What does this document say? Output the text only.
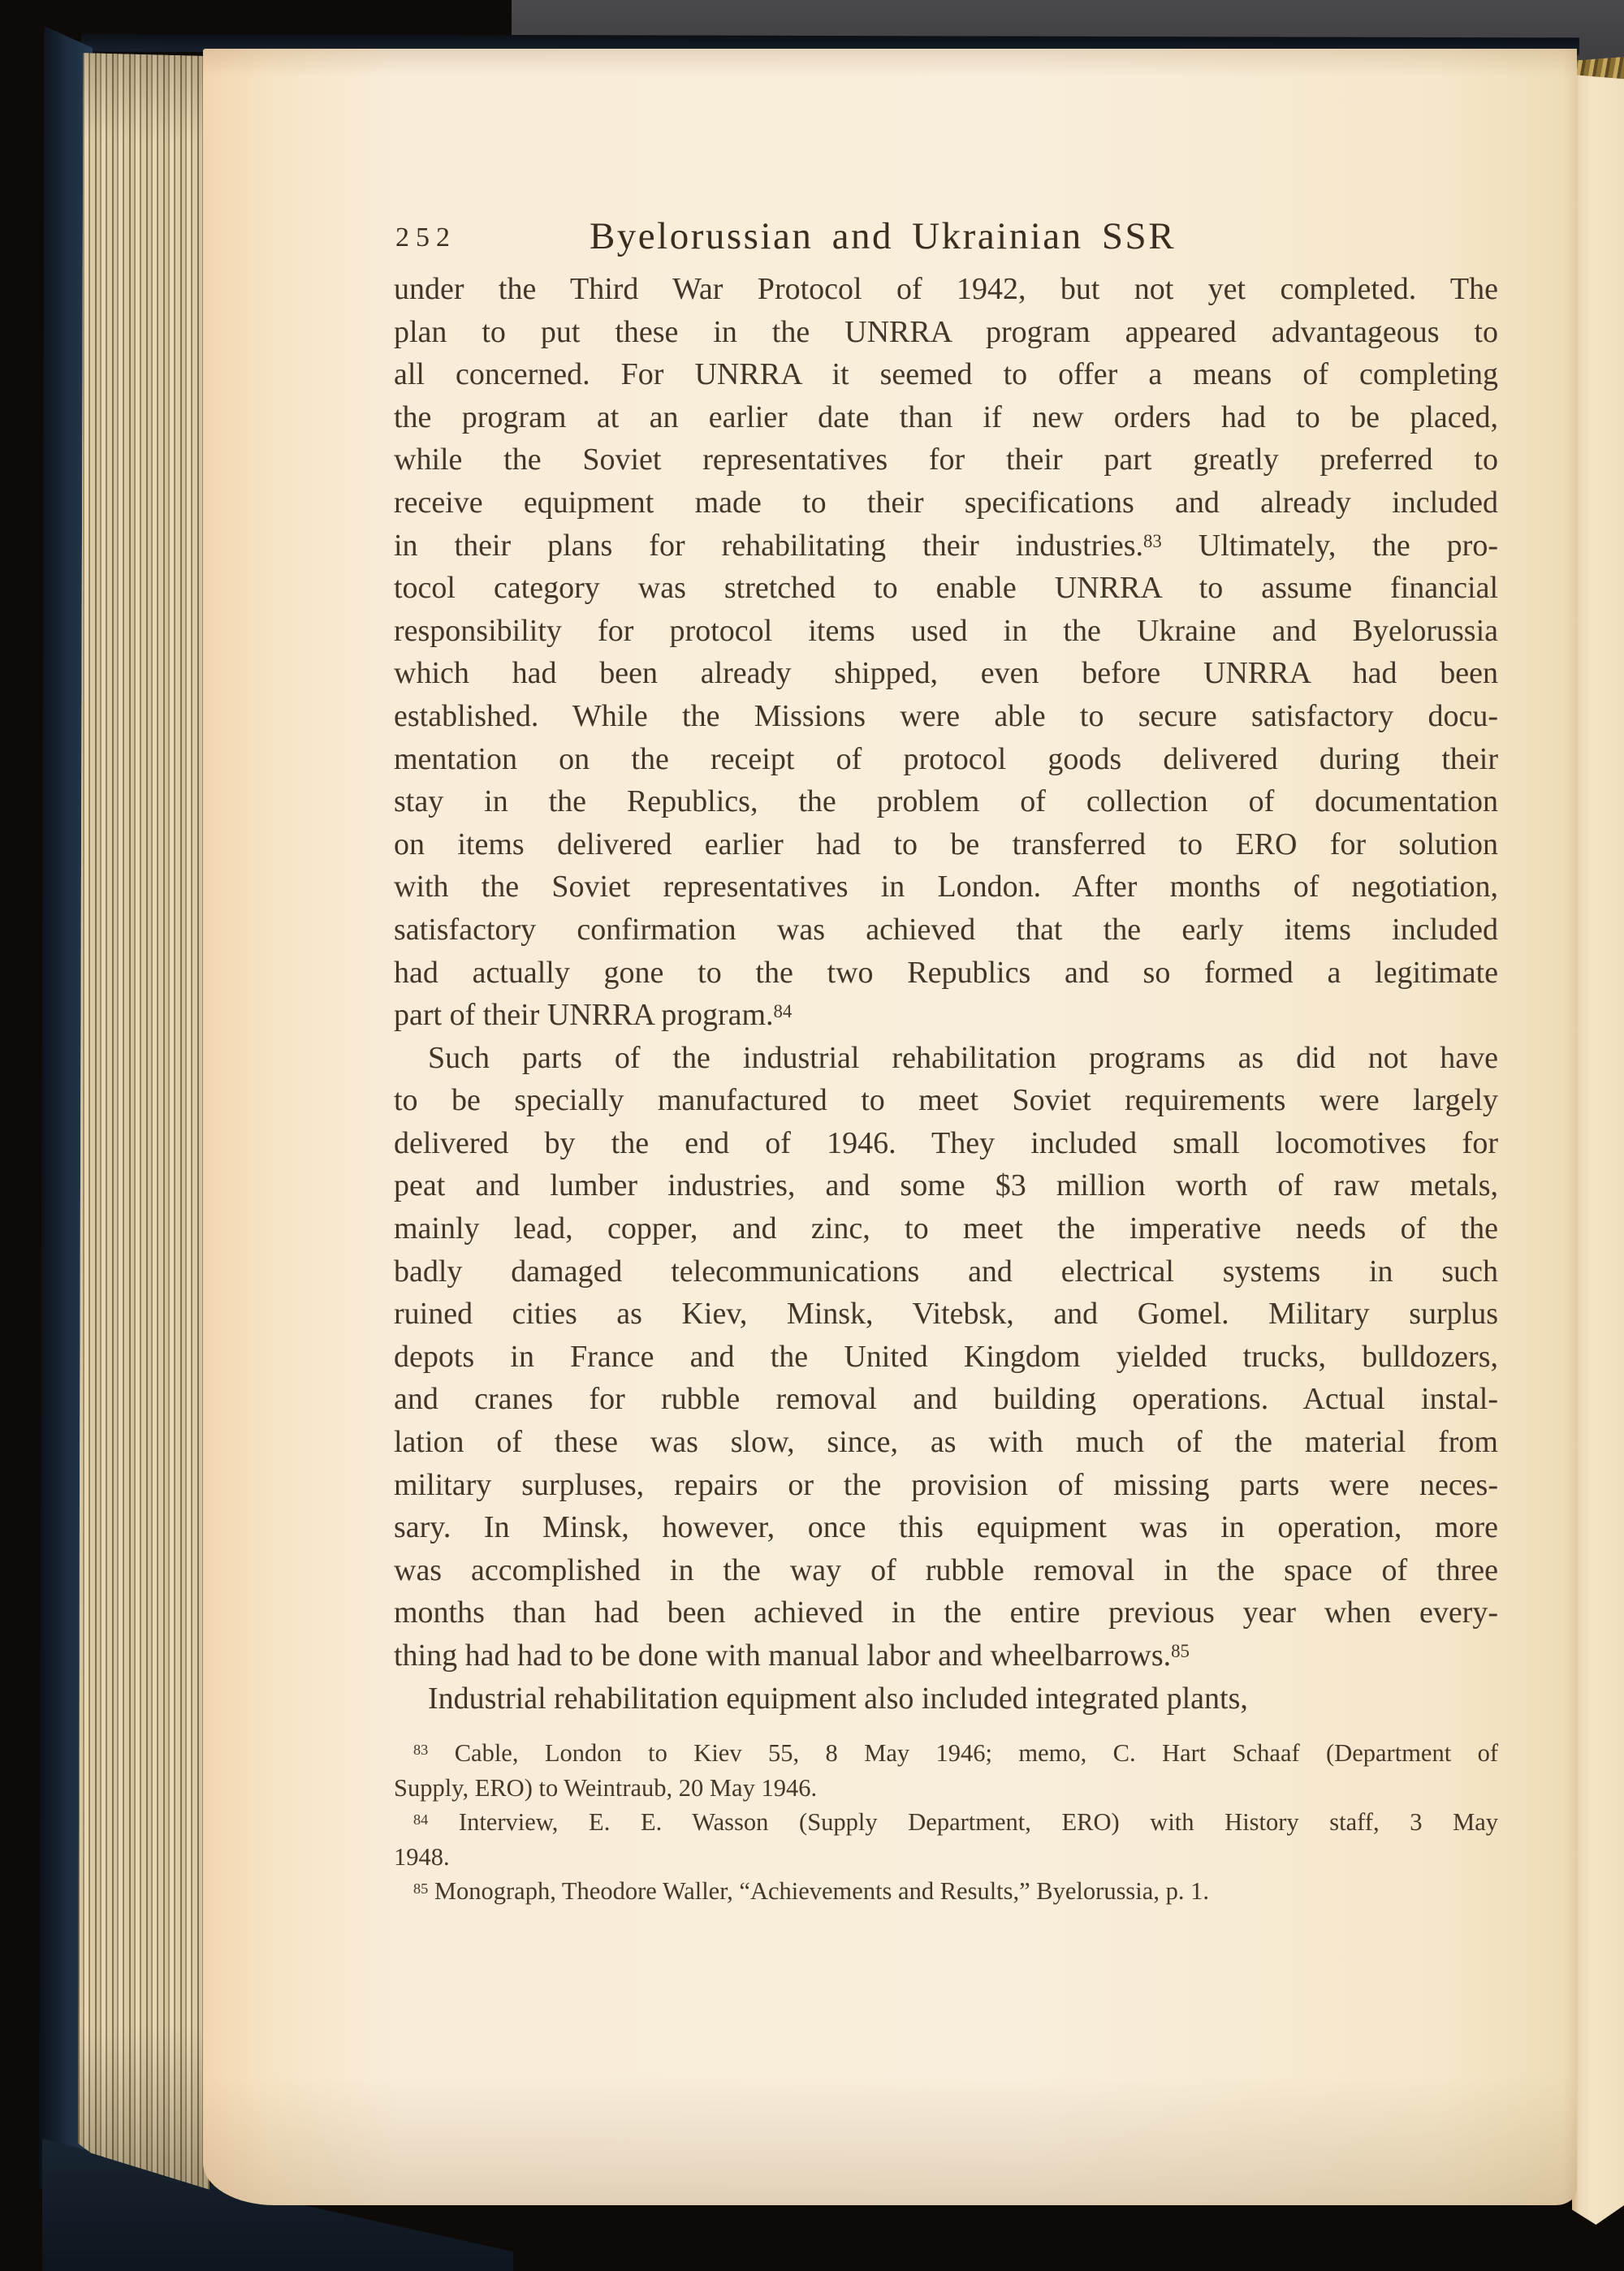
252	Byelorussian and Ukrainian SSR
under the Third War Protocol of 1942, but not yet completed. The
plan to put these in the UNRRA program appeared advantageous to
all concerned. For UNRRA it seemed to offer a means of completing
the program at an earlier date than if new orders had to be placed,
while the Soviet representatives for their part greatly preferred to
receive equipment made to their specifications and already included
in their plans for rehabilitating their industries.$^{83}$ Ultimately, the pro-
tocol category was stretched to enable UNRRA to assume financial
responsibility for protocol items used in the Ukraine and Byelorussia
which had been already shipped, even before UNRRA had been
established. While the Missions were able to secure satisfactory docu-
mentation on the receipt of protocol goods delivered during their
stay in the Republics, the problem of collection of documentation
on items delivered earlier had to be transferred to ERO for solution
with the Soviet representatives in London. After months of negotiation,
satisfactory confirmation was achieved that the early items included
had actually gone to the two Republics and so formed a legitimate
part of their UNRRA program.$^{84}$
Such parts of the industrial rehabilitation programs as did not have
to be specially manufactured to meet Soviet requirements were largely
delivered by the end of 1946. They included small locomotives for
peat and lumber industries, and some $3 million worth of raw metals,
mainly lead, copper, and zinc, to meet the imperative needs of the
badly damaged telecommunications and electrical systems in such
ruined cities as Kiev, Minsk, Vitebsk, and Gomel. Military surplus
depots in France and the United Kingdom yielded trucks, bulldozers,
and cranes for rubble removal and building operations. Actual instal-
lation of these was slow, since, as with much of the material from
military surpluses, repairs or the provision of missing parts were neces-
sary. In Minsk, however, once this equipment was in operation, more
was accomplished in the way of rubble removal in the space of three
months than had been achieved in the entire previous year when every-
thing had had to be done with manual labor and wheelbarrows.$^{85}$
Industrial rehabilitation equipment also included integrated plants,
$^{83}$ Cable, London to Kiev 55, 8 May 1946; memo, C. Hart Schaaf (Department of
Supply, ERO) to Weintraub, 20 May 1946.
$^{84}$ Interview, E. E. Wasson (Supply Department, ERO) with History staff, 3 May
1948.
$^{85}$ Monograph, Theodore Waller, “Achievements and Results,” Byelorussia, p. 1.
